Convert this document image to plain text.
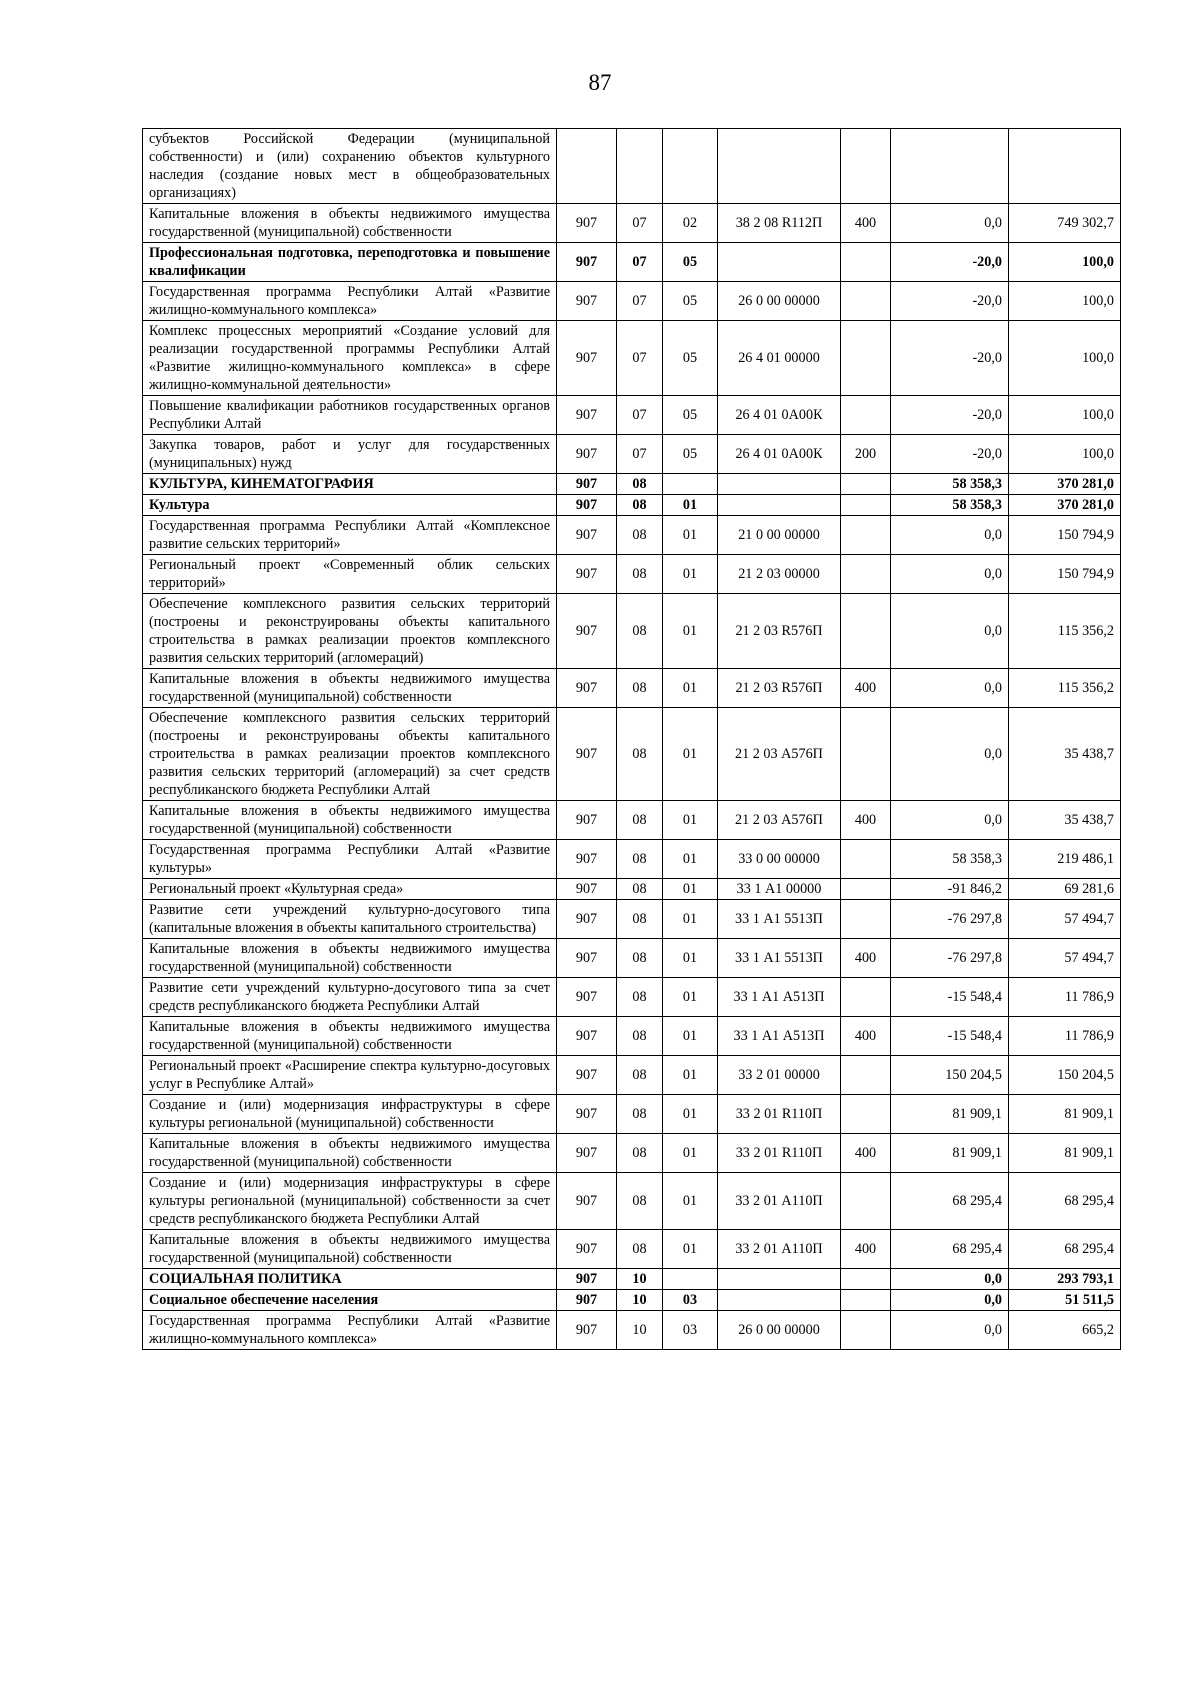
87
субъектов Российской Федерации (муниципальной собственности) и (или) сохранению объектов культурного наследия (создание новых мест в общеобразовательных организациях)							
Капитальные вложения в объекты недвижимого имущества государственной (муниципальной) собственности	907	07	02	38 2 08 R112П	400	0,0	749 302,7
Профессиональная подготовка, переподготовка и повышение квалификации	907	07	05			-20,0	100,0
Государственная программа Республики Алтай «Развитие жилищно-коммунального комплекса»	907	07	05	26 0 00 00000		-20,0	100,0
Комплекс процессных мероприятий «Создание условий для реализации государственной программы Республики Алтай «Развитие жилищно-коммунального комплекса» в сфере жилищно-коммунальной деятельности»	907	07	05	26 4 01 00000		-20,0	100,0
Повышение квалификации работников государственных органов Республики Алтай	907	07	05	26 4 01 0А00К		-20,0	100,0
Закупка товаров, работ и услуг для государственных (муниципальных) нужд	907	07	05	26 4 01 0А00К	200	-20,0	100,0
КУЛЬТУРА, КИНЕМАТОГРАФИЯ	907	08				58 358,3	370 281,0
Культура	907	08	01			58 358,3	370 281,0
Государственная программа Республики Алтай «Комплексное развитие сельских территорий»	907	08	01	21 0 00 00000		0,0	150 794,9
Региональный проект «Современный облик сельских территорий»	907	08	01	21 2 03 00000		0,0	150 794,9
Обеспечение комплексного развития сельских территорий (построены и реконструированы объекты капитального строительства в рамках реализации проектов комплексного развития сельских территорий (агломераций)	907	08	01	21 2 03 R576П		0,0	115 356,2
Капитальные вложения в объекты недвижимого имущества государственной (муниципальной) собственности	907	08	01	21 2 03 R576П	400	0,0	115 356,2
Обеспечение комплексного развития сельских территорий (построены и реконструированы объекты капитального строительства в рамках реализации проектов комплексного развития сельских территорий (агломераций) за счет средств республиканского бюджета Республики Алтай	907	08	01	21 2 03 А576П		0,0	35 438,7
Капитальные вложения в объекты недвижимого имущества государственной (муниципальной) собственности	907	08	01	21 2 03 А576П	400	0,0	35 438,7
Государственная программа Республики Алтай «Развитие культуры»	907	08	01	33 0 00 00000		58 358,3	219 486,1
Региональный проект «Культурная среда»	907	08	01	33 1 А1 00000		-91 846,2	69 281,6
Развитие сети учреждений культурно-досугового типа (капитальные вложения в объекты капитального строительства)	907	08	01	33 1 А1 5513П		-76 297,8	57 494,7
Капитальные вложения в объекты недвижимого имущества государственной (муниципальной) собственности	907	08	01	33 1 А1 5513П	400	-76 297,8	57 494,7
Развитие сети учреждений культурно-досугового типа за счет средств республиканского бюджета Республики Алтай	907	08	01	33 1 А1 А513П		-15 548,4	11 786,9
Капитальные вложения в объекты недвижимого имущества государственной (муниципальной) собственности	907	08	01	33 1 А1 А513П	400	-15 548,4	11 786,9
Региональный проект «Расширение спектра культурно-досуговых услуг в Республике Алтай»	907	08	01	33 2 01 00000		150 204,5	150 204,5
Создание и (или) модернизация инфраструктуры в сфере культуры региональной (муниципальной) собственности	907	08	01	33 2 01 R110П		81 909,1	81 909,1
Капитальные вложения в объекты недвижимого имущества государственной (муниципальной) собственности	907	08	01	33 2 01 R110П	400	81 909,1	81 909,1
Создание и (или) модернизация инфраструктуры в сфере культуры региональной (муниципальной) собственности за счет средств республиканского бюджета Республики Алтай	907	08	01	33 2 01 А110П		68 295,4	68 295,4
Капитальные вложения в объекты недвижимого имущества государственной (муниципальной) собственности	907	08	01	33 2 01 А110П	400	68 295,4	68 295,4
СОЦИАЛЬНАЯ ПОЛИТИКА	907	10				0,0	293 793,1
Социальное обеспечение населения	907	10	03			0,0	51 511,5
Государственная программа Республики Алтай «Развитие жилищно-коммунального комплекса»	907	10	03	26 0 00 00000		0,0	665,2
